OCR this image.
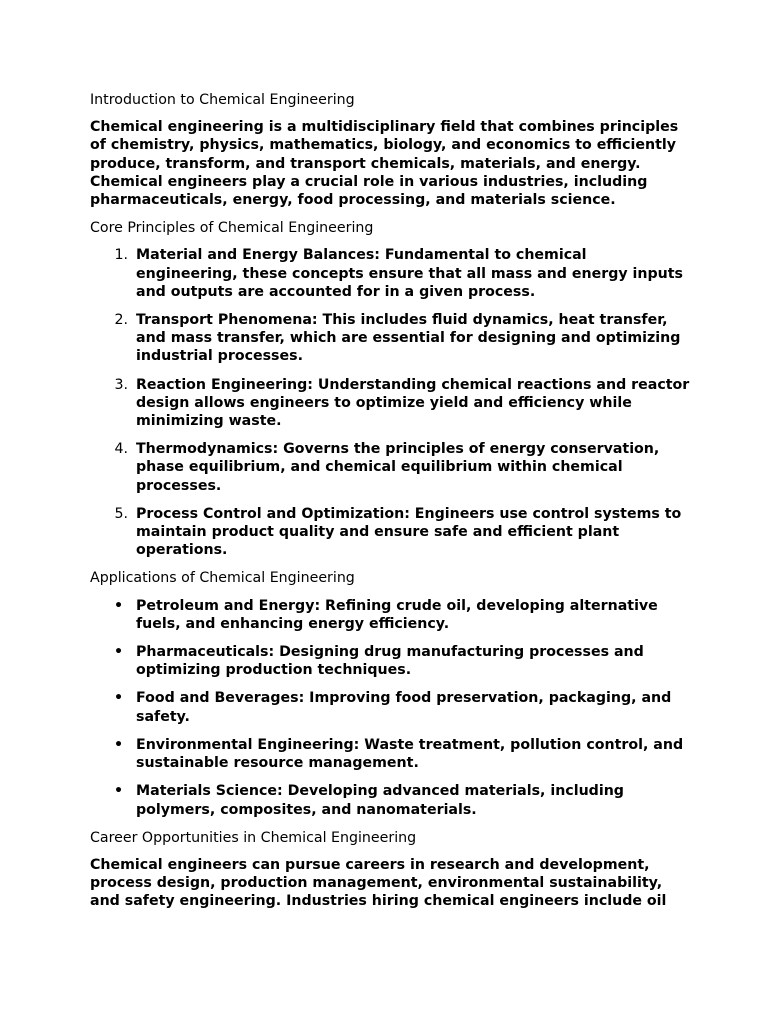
Introduction to Chemical Engineering
Chemical engineering is a multidisciplinary field that combines principles of chemistry, physics, mathematics, biology, and economics to efficiently produce, transform, and transport chemicals, materials, and energy. Chemical engineers play a crucial role in various industries, including pharmaceuticals, energy, food processing, and materials science.
Core Principles of Chemical Engineering
1. Material and Energy Balances: Fundamental to chemical engineering, these concepts ensure that all mass and energy inputs and outputs are accounted for in a given process.
2. Transport Phenomena: This includes fluid dynamics, heat transfer, and mass transfer, which are essential for designing and optimizing industrial processes.
3. Reaction Engineering: Understanding chemical reactions and reactor design allows engineers to optimize yield and efficiency while minimizing waste.
4. Thermodynamics: Governs the principles of energy conservation, phase equilibrium, and chemical equilibrium within chemical processes.
5. Process Control and Optimization: Engineers use control systems to maintain product quality and ensure safe and efficient plant operations.
Applications of Chemical Engineering
• Petroleum and Energy: Refining crude oil, developing alternative fuels, and enhancing energy efficiency.
• Pharmaceuticals: Designing drug manufacturing processes and optimizing production techniques.
• Food and Beverages: Improving food preservation, packaging, and safety.
• Environmental Engineering: Waste treatment, pollution control, and sustainable resource management.
• Materials Science: Developing advanced materials, including polymers, composites, and nanomaterials.
Career Opportunities in Chemical Engineering
Chemical engineers can pursue careers in research and development, process design, production management, environmental sustainability, and safety engineering. Industries hiring chemical engineers include oil
